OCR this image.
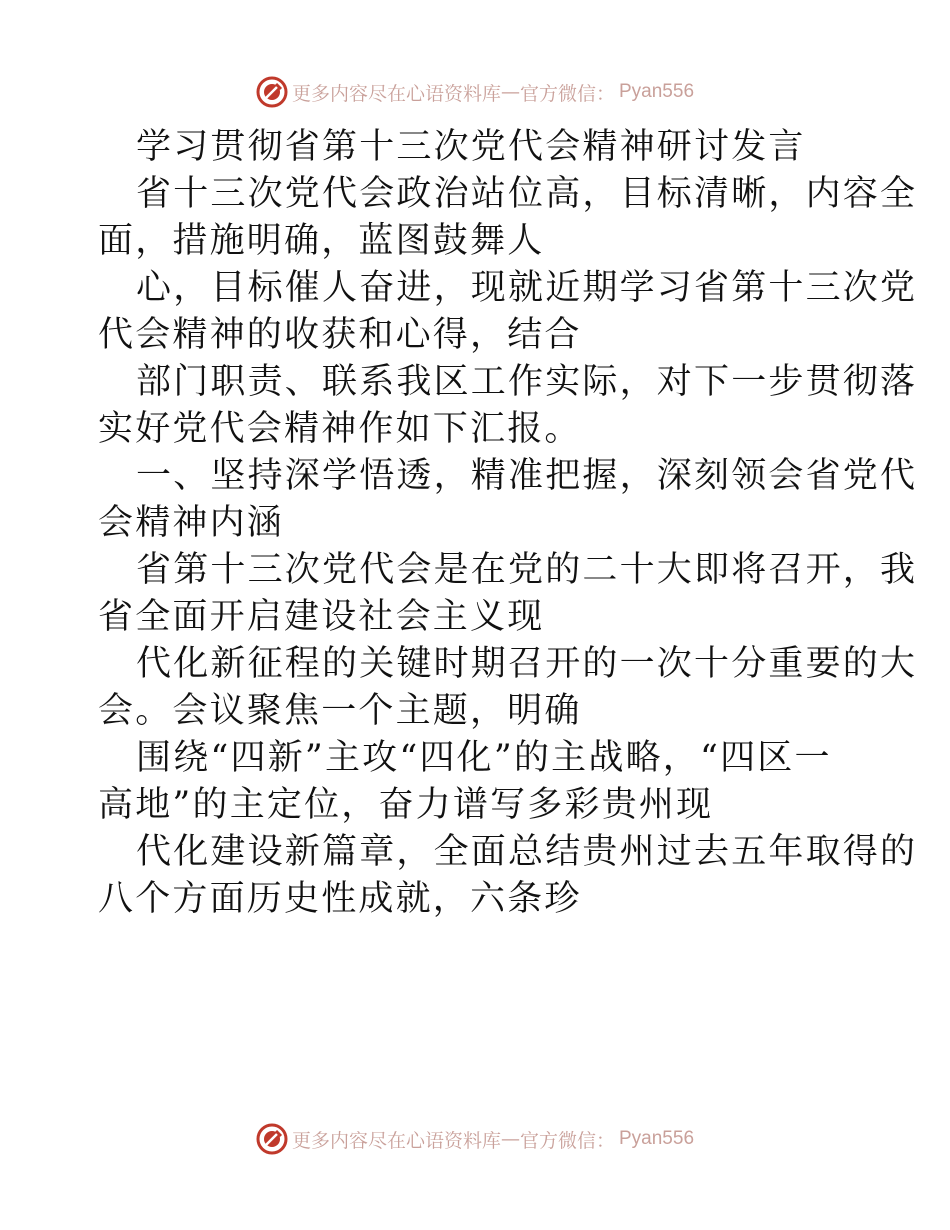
更多内容尽在心语资料库 — 官方微信： Pyan556
学习贯彻省第十三次党代会精神研讨发言
省十三次党代会政治站位高，目标清晰，内容全
面，措施明确，蓝图鼓舞人
心，目标催人奋进，现就近期学习省第十三次党
代会精神的收获和心得，结合
部门职责、联系我区工作实际，对下一步贯彻落
实好党代会精神作如下汇报。
一、坚持深学悟透，精准把握，深刻领会省党代
会精神内涵
省第十三次党代会是在党的二十大即将召开，我
省全面开启建设社会主义现
代化新征程的关键时期召开的一次十分重要的大
会。会议聚焦一个主题，明确
围绕“四新”主攻“四化”的主战略，“四区一
高地”的主定位，奋力谱写多彩贵州现
代化建设新篇章，全面总结贵州过去五年取得的
八个方面历史性成就，六条珍
更多内容尽在心语资料库 — 官方微信： Pyan556
